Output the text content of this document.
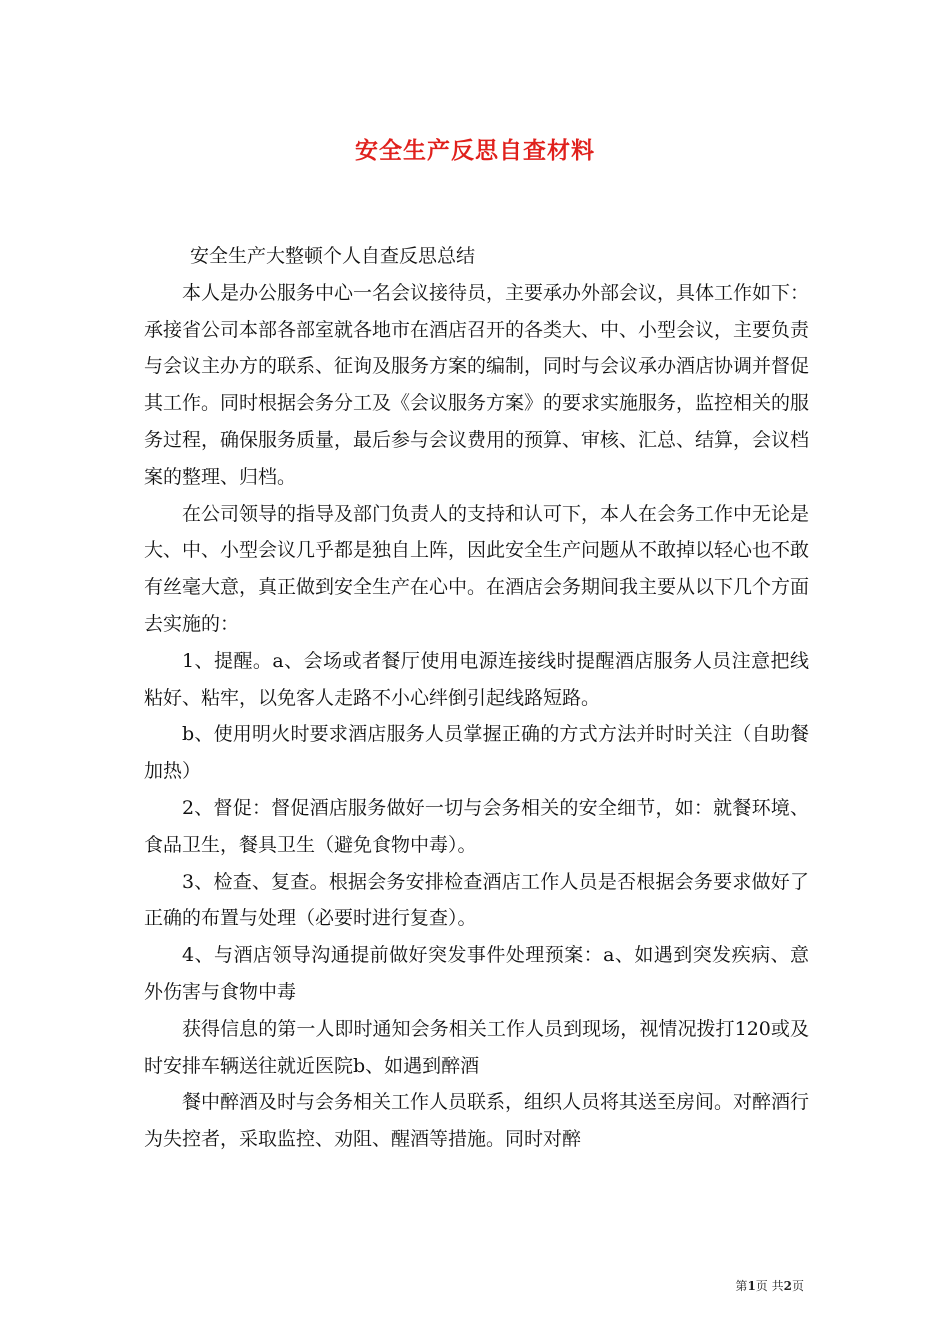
安全生产反思自查材料

安全生产大整顿个人自查反思总结

本人是办公服务中心一名会议接待员，主要承办外部会议，具体工作如下：承接省公司本部各部室就各地市在酒店召开的各类大、中、小型会议，主要负责与会议主办方的联系、征询及服务方案的编制，同时与会议承办酒店协调并督促其工作。同时根据会务分工及《会议服务方案》的要求实施服务，监控相关的服务过程，确保服务质量，最后参与会议费用的预算、审核、汇总、结算，会议档案的整理、归档。

在公司领导的指导及部门负责人的支持和认可下，本人在会务工作中无论是大、中、小型会议几乎都是独自上阵，因此安全生产问题从不敢掉以轻心也不敢有丝毫大意，真正做到安全生产在心中。在酒店会务期间我主要从以下几个方面去实施的：

1、提醒。a、会场或者餐厅使用电源连接线时提醒酒店服务人员注意把线粘好、粘牢，以免客人走路不小心绊倒引起线路短路。

b、使用明火时要求酒店服务人员掌握正确的方式方法并时时关注（自助餐加热）

2、督促：督促酒店服务做好一切与会务相关的安全细节，如：就餐环境、食品卫生，餐具卫生（避免食物中毒）。

3、检查、复查。根据会务安排检查酒店工作人员是否根据会务要求做好了正确的布置与处理（必要时进行复查）。

4、与酒店领导沟通提前做好突发事件处理预案：a、如遇到突发疾病、意外伤害与食物中毒

获得信息的第一人即时通知会务相关工作人员到现场，视情况拨打120或及时安排车辆送往就近医院b、如遇到醉酒

餐中醉酒及时与会务相关工作人员联系，组织人员将其送至房间。对醉酒行为失控者，采取监控、劝阻、醒酒等措施。同时对醉

第1页 共2页
